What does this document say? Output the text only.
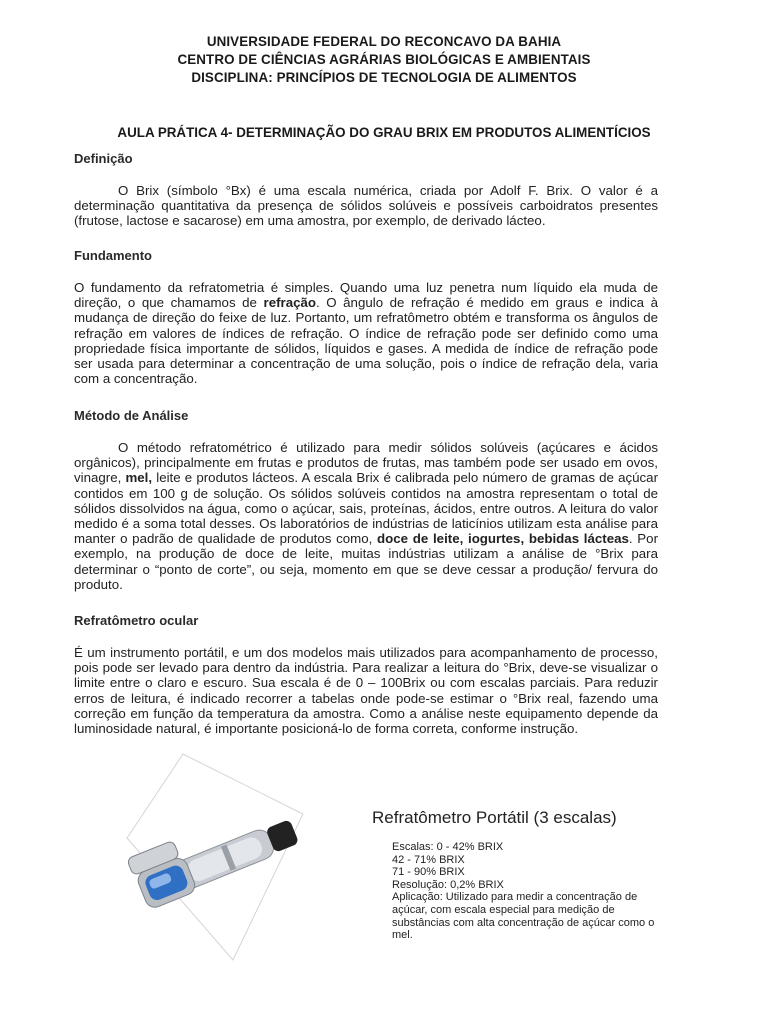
UNIVERSIDADE FEDERAL DO RECONCAVO DA BAHIA
CENTRO DE CIÊNCIAS AGRÁRIAS BIOLÓGICAS E AMBIENTAIS
DISCIPLINA: PRINCÍPIOS DE TECNOLOGIA DE ALIMENTOS
AULA PRÁTICA 4- DETERMINAÇÃO DO GRAU BRIX EM PRODUTOS ALIMENTÍCIOS
Definição
O Brix (símbolo °Bx) é uma escala numérica, criada por Adolf F. Brix. O valor é a determinação quantitativa da presença de sólidos solúveis e possíveis carboidratos presentes (frutose, lactose e sacarose) em uma amostra, por exemplo, de derivado lácteo.
Fundamento
O fundamento da refratometria é simples. Quando uma luz penetra num líquido ela muda de direção, o que chamamos de refração. O ângulo de refração é medido em graus e indica à mudança de direção do feixe de luz. Portanto, um refratômetro obtém e transforma os ângulos de refração em valores de índices de refração. O índice de refração pode ser definido como uma propriedade física importante de sólidos, líquidos e gases. A medida de índice de refração pode ser usada para determinar a concentração de uma solução, pois o índice de refração dela, varia com a concentração.
Método de Análise
O método refratométrico é utilizado para medir sólidos solúveis (açúcares e ácidos orgânicos), principalmente em frutas e produtos de frutas, mas também pode ser usado em ovos, vinagre, mel, leite e produtos lácteos. A escala Brix é calibrada pelo número de gramas de açúcar contidos em 100 g de solução. Os sólidos solúveis contidos na amostra representam o total de sólidos dissolvidos na água, como o açúcar, sais, proteínas, ácidos, entre outros. A leitura do valor medido é a soma total desses. Os laboratórios de indústrias de laticínios utilizam esta análise para manter o padrão de qualidade de produtos como, doce de leite, iogurtes, bebidas lácteas. Por exemplo, na produção de doce de leite, muitas indústrias utilizam a análise de °Brix para determinar o “ponto de corte”, ou seja, momento em que se deve cessar a produção/ fervura do produto.
Refratômetro ocular
É um instrumento portátil, e um dos modelos mais utilizados para acompanhamento de processo, pois pode ser levado para dentro da indústria. Para realizar a leitura do °Brix, deve-se visualizar o limite entre o claro e escuro. Sua escala é de 0 – 100Brix ou com escalas parciais. Para reduzir erros de leitura, é indicado recorrer a tabelas onde pode-se estimar o °Brix real, fazendo uma correção em função da temperatura da amostra. Como a análise neste equipamento depende da luminosidade natural, é importante posicioná-lo de forma correta, conforme instrução.
Refratômetro Portátil (3 escalas)
Escalas: 0 - 42% BRIX
42 - 71% BRIX
71 - 90% BRIX
Resolução: 0,2% BRIX
Aplicação: Utilizado para medir a concentração de açúcar, com escala especial para medição de substâncias com alta concentração de açúcar como o mel.
